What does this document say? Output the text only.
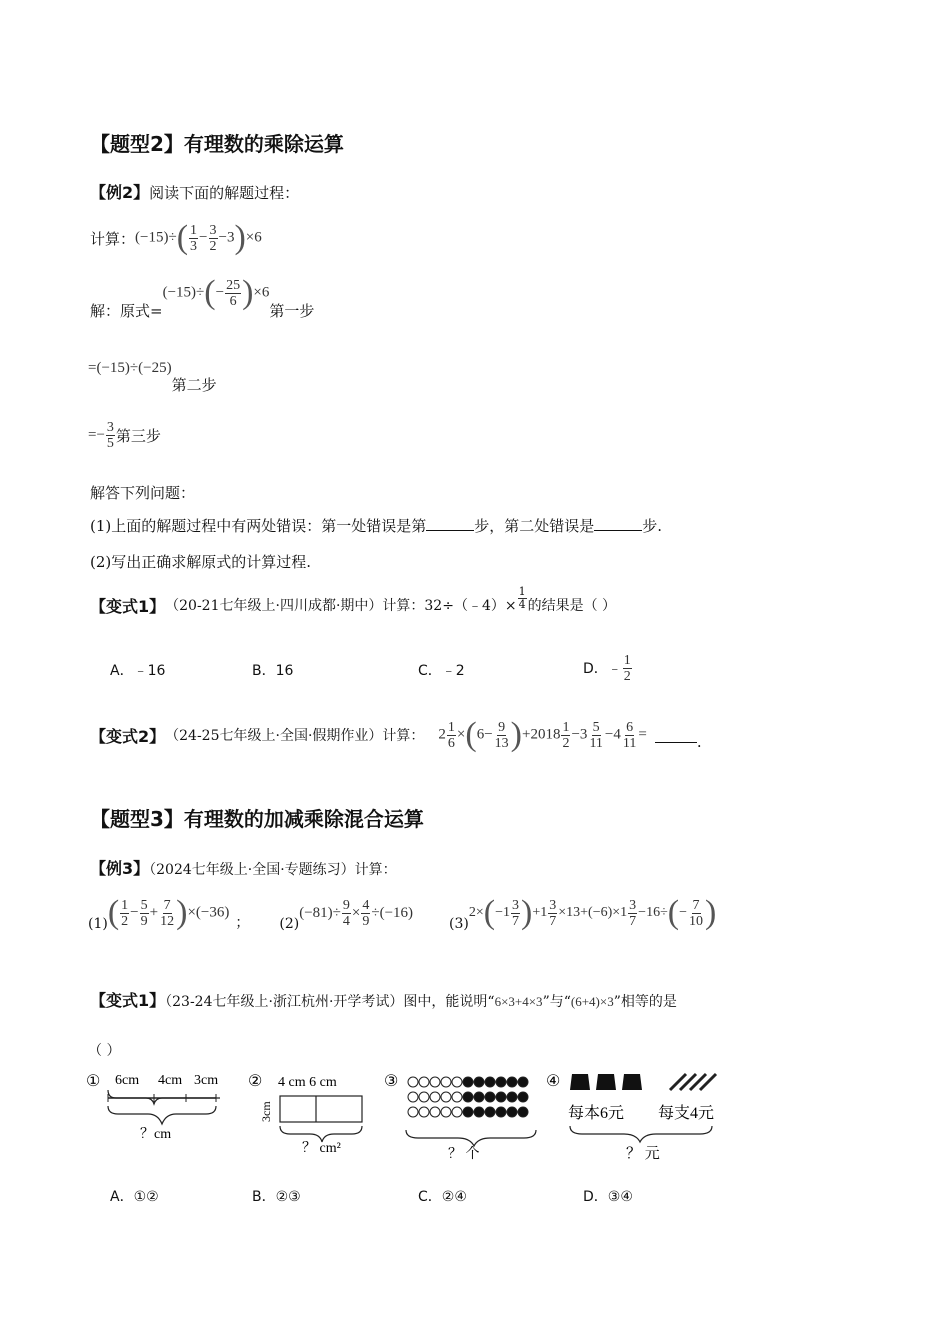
【题型2】有理数的乘除运算
【例2】阅读下面的解题过程：
计算： $(-15)\div( \frac{1}{3} - \frac{3}{2} -3)\times 6$
解：原式=
$(-15)\div(- \frac{25}{6} )\times 6$
第一步
=(−15)÷(−25)
第二步
=− $\frac{3}{5}$ 第三步
解答下列问题：
(1)上面的解题过程中有两处错误：第一处错误是第	步，第二处错误是	步.
(2)写出正确求解原式的计算过程.
【变式1】 （20-21七年级上·四川成都·期中）计算：32÷（﹣4）× $\frac{1}{4}$ 的结果是（ ）
A．﹣16	B．16	C．﹣2	D．﹣ $\frac{1}{2}$
【变式2】 （24-25七年级上·全国·假期作业）计算： $2 \frac{1}{6} \times(6- \frac{9}{13} )+2018 \frac{1}{2} -3 \frac{5}{11} -4 \frac{6}{11}$ =	.
【题型3】有理数的加减乘除混合运算
【例3】（2024七年级上·全国·专题练习）计算：
(1) ( $\frac{1}{2} - \frac{5}{9} + \frac{7}{12} )\times(-36)$
； (2)
$(-81)\div \frac{9}{4} \times \frac{4}{9} \div(-16)$
(3)
$2\times(-1 \frac{3}{7} )+1 \frac{3}{7} \times 13+(-6)\times 1 \frac{3}{7} -16\div(- \frac{7}{10}$ )
【变式1】（23-24七年级上·浙江杭州·开学考试）图中，能说明“6×3+4×3”与“(6+4)×3”相等的是
（ ）
① 6cm 4cm 3cm
？cm
② 4 cm 6 cm
3cm
？ cm²
③
？ 个
④
每本6元 每支4元
？ 元
A．①②	B．②③	C．②④	D．③④
